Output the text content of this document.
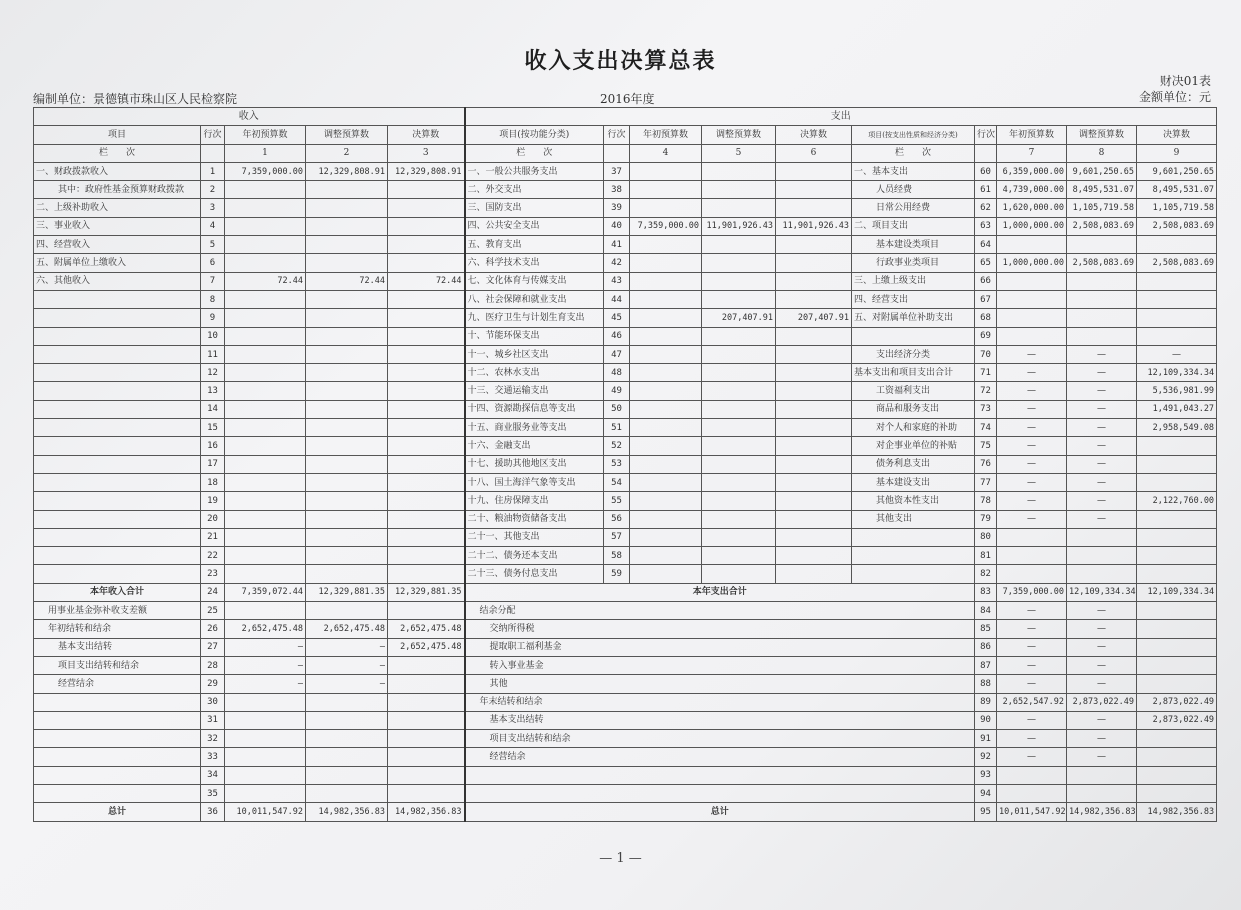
收入支出决算总表
财决01表
编制单位：景德镇市珠山区人民检察院	2016年度	金额单位：元
收入					支出									
项目	行次	年初预算数	调整预算数	决算数	项目(按功能分类)	行次	年初预算数	调整预算数	决算数	项目(按支出性质和经济分类)	行次	年初预算数	调整预算数	决算数
栏　　次		1	2	3	栏　　次		4	5	6	栏　　次		7	8	9
一、财政拨款收入	1	7,359,000.00	12,329,808.91	12,329,808.91	一、一般公共服务支出	37				一、基本支出	60	6,359,000.00	9,601,250.65	9,601,250.65
其中：政府性基金预算财政拨款	2				二、外交支出	38				人员经费	61	4,739,000.00	8,495,531.07	8,495,531.07
二、上级补助收入	3				三、国防支出	39				日常公用经费	62	1,620,000.00	1,105,719.58	1,105,719.58
三、事业收入	4				四、公共安全支出	40	7,359,000.00	11,901,926.43	11,901,926.43	二、项目支出	63	1,000,000.00	2,508,083.69	2,508,083.69
四、经营收入	5				五、教育支出	41				基本建设类项目	64			
五、附属单位上缴收入	6				六、科学技术支出	42				行政事业类项目	65	1,000,000.00	2,508,083.69	2,508,083.69
六、其他收入	7	72.44	72.44	72.44	七、文化体育与传媒支出	43				三、上缴上级支出	66			
	8				八、社会保障和就业支出	44				四、经营支出	67			
	9				九、医疗卫生与计划生育支出	45		207,407.91	207,407.91	五、对附属单位补助支出	68			
	10				十、节能环保支出	46					69			
	11				十一、城乡社区支出	47				支出经济分类	70	—	—	—
	12				十二、农林水支出	48				基本支出和项目支出合计	71	—	—	12,109,334.34
	13				十三、交通运输支出	49				工资福利支出	72	—	—	5,536,981.99
	14				十四、资源勘探信息等支出	50				商品和服务支出	73	—	—	1,491,043.27
	15				十五、商业服务业等支出	51				对个人和家庭的补助	74	—	—	2,958,549.08
	16				十六、金融支出	52				对企事业单位的补贴	75	—	—	
	17				十七、援助其他地区支出	53				债务利息支出	76	—	—	
	18				十八、国土海洋气象等支出	54				基本建设支出	77	—	—	
	19				十九、住房保障支出	55				其他资本性支出	78	—	—	2,122,760.00
	20				二十、粮油物资储备支出	56				其他支出	79	—	—	
	21				二十一、其他支出	57					80			
	22				二十二、债务还本支出	58					81			
	23				二十三、债务付息支出	59					82			
本年收入合计	24	7,359,072.44	12,329,881.35	12,329,881.35	本年支出合计						83	7,359,000.00	12,109,334.34	12,109,334.34
用事业基金弥补收支差额	25				结余分配						84	—	—	
年初结转和结余	26	2,652,475.48	2,652,475.48	2,652,475.48	交纳所得税						85	—	—	
基本支出结转	27	—	—	2,652,475.48	提取职工福利基金						86	—	—	
项目支出结转和结余	28	—	—		转入事业基金						87	—	—	
经营结余	29	—	—		其他						88	—	—	
	30				年末结转和结余						89	2,652,547.92	2,873,022.49	2,873,022.49
	31				基本支出结转						90	—	—	2,873,022.49
	32				项目支出结转和结余						91	—	—	
	33				经营结余						92	—	—	
	34										93			
	35										94			
总计	36	10,011,547.92	14,982,356.83	14,982,356.83	总计						95	10,011,547.92	14,982,356.83	14,982,356.83
— 1 —
